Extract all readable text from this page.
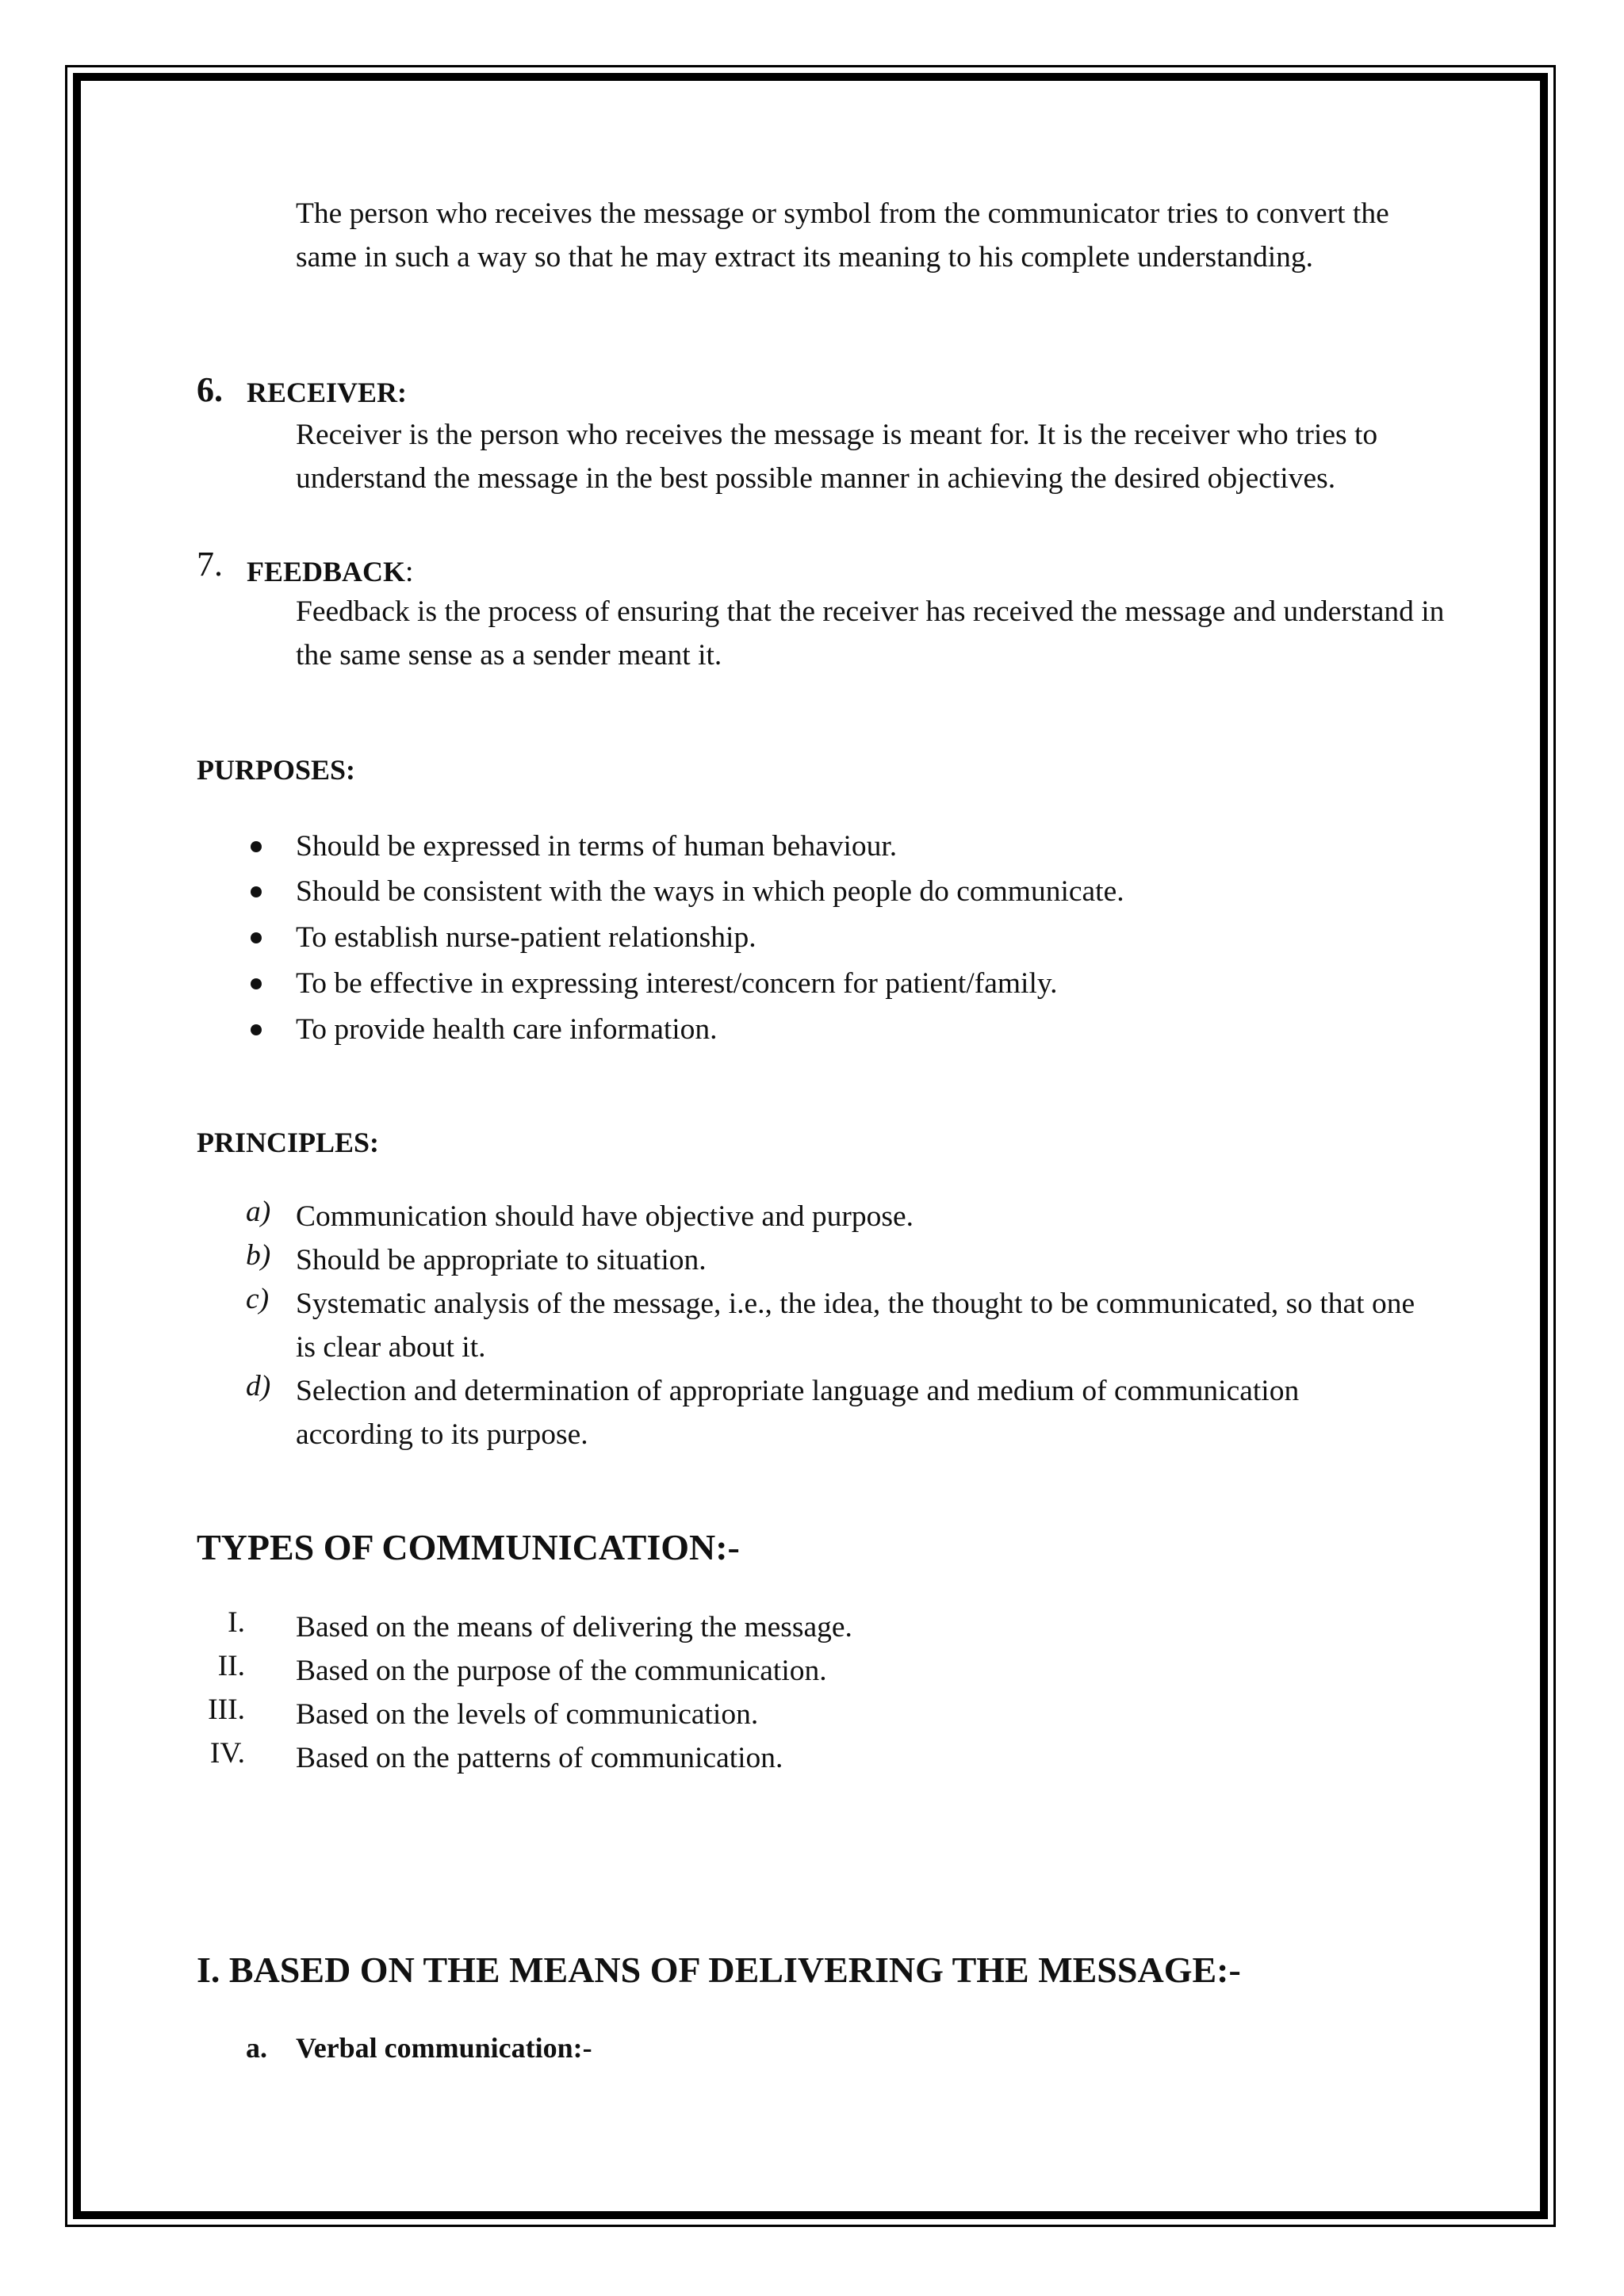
The person who receives the message or symbol from the communicator tries to convert the same in such a way so that he may extract its meaning to his complete understanding.
6. RECEIVER:
Receiver is the person who receives the message is meant for. It is the receiver who tries to understand the message in the best possible manner in achieving the desired objectives.
7. FEEDBACK:
Feedback is the process of ensuring that the receiver has received the message and understand in the same sense as a sender meant it.
PURPOSES:
Should be expressed in terms of human behaviour.
Should be consistent with the ways in which people do communicate.
To establish nurse-patient relationship.
To be effective in expressing interest/concern for patient/family.
To provide health care information.
PRINCIPLES:
a) Communication should have objective and purpose.
b) Should be appropriate to situation.
c) Systematic analysis of the message, i.e., the idea, the thought to be communicated, so that one is clear about it.
d) Selection and determination of appropriate language and medium of communication according to its purpose.
TYPES OF COMMUNICATION:-
I. Based on the means of delivering the message.
II. Based on the purpose of the communication.
III. Based on the levels of communication.
IV. Based on the patterns of communication.
I. BASED ON THE MEANS OF DELIVERING THE MESSAGE:-
a. Verbal communication:-
